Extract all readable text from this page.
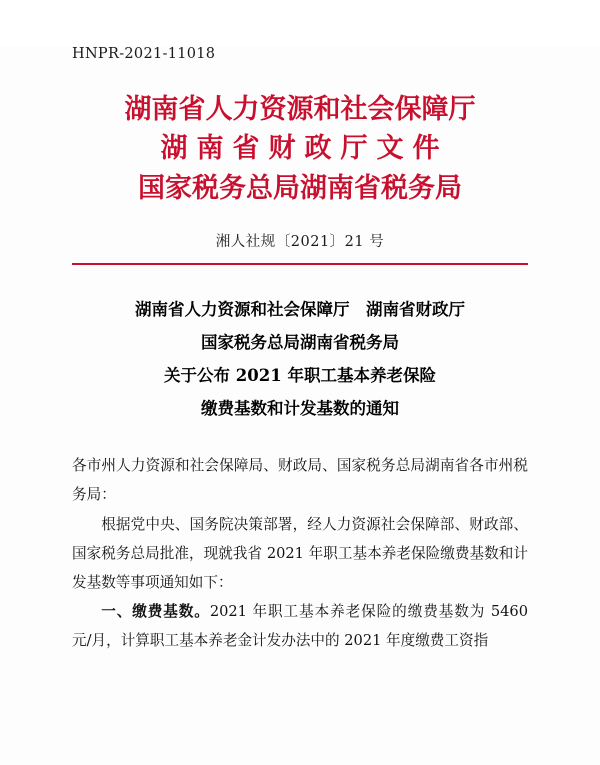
HNPR-2021-11018
湖南省人力资源和社会保障厅
湖南省财政厅文件
国家税务总局湖南省税务局
湘人社规〔2021〕21 号
湖南省人力资源和社会保障厅　湖南省财政厅
国家税务总局湖南省税务局
关于公布 2021 年职工基本养老保险
缴费基数和计发基数的通知

各市州人力资源和社会保障局、财政局、国家税务总局湖南省各市州税务局：

根据党中央、国务院决策部署，经人力资源社会保障部、财政部、国家税务总局批准，现就我省 2021 年职工基本养老保险缴费基数和计发基数等事项通知如下：

一、缴费基数。2021 年职工基本养老保险的缴费基数为 5460 元/月，计算职工基本养老金计发办法中的 2021 年度缴费工资指
